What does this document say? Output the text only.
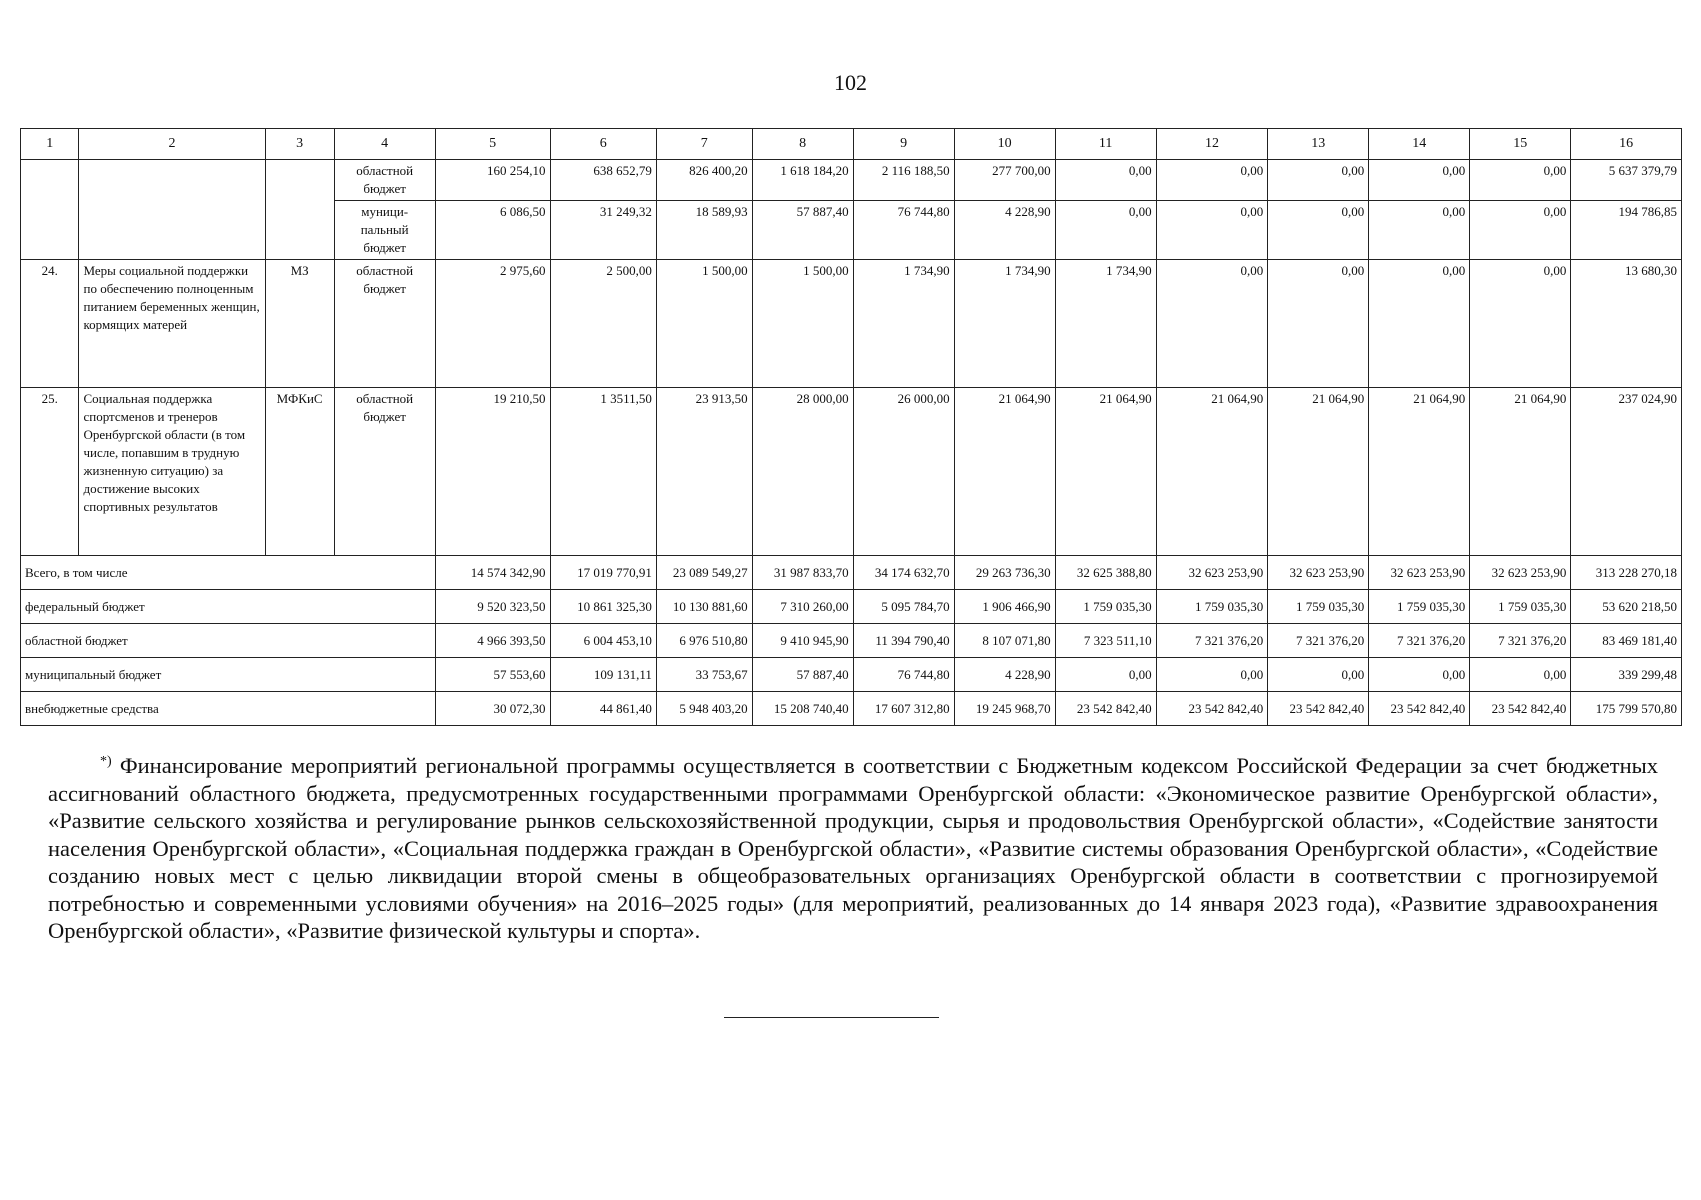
102
1	2	3	4	5	6	7	8	9	10	11	12	13	14	15	16
			областной бюджет	160 254,10	638 652,79	826 400,20	1 618 184,20	2 116 188,50	277 700,00	0,00	0,00	0,00	0,00	0,00	5 637 379,79
			муници-пальный бюджет	6 086,50	31 249,32	18 589,93	57 887,40	76 744,80	4 228,90	0,00	0,00	0,00	0,00	0,00	194 786,85
24.	Меры социальной поддержки по обеспечению полноценным питанием беременных женщин, кормящих матерей	МЗ	областной бюджет	2 975,60	2 500,00	1 500,00	1 500,00	1 734,90	1 734,90	1 734,90	0,00	0,00	0,00	0,00	13 680,30
25.	Социальная поддержка спортсменов и тренеров Оренбургской области (в том числе, попавшим в трудную жизненную ситуацию) за достижение высоких спортивных результатов	МФКиС	областной бюджет	19 210,50	1 3511,50	23 913,50	28 000,00	26 000,00	21 064,90	21 064,90	21 064,90	21 064,90	21 064,90	21 064,90	237 024,90
Всего, в том числе				14 574 342,90	17 019 770,91	23 089 549,27	31 987 833,70	34 174 632,70	29 263 736,30	32 625 388,80	32 623 253,90	32 623 253,90	32 623 253,90	32 623 253,90	313 228 270,18
федеральный бюджет				9 520 323,50	10 861 325,30	10 130 881,60	7 310 260,00	5 095 784,70	1 906 466,90	1 759 035,30	1 759 035,30	1 759 035,30	1 759 035,30	1 759 035,30	53 620 218,50
областной бюджет				4 966 393,50	6 004 453,10	6 976 510,80	9 410 945,90	11 394 790,40	8 107 071,80	7 323 511,10	7 321 376,20	7 321 376,20	7 321 376,20	7 321 376,20	83 469 181,40
муниципальный бюджет				57 553,60	109 131,11	33 753,67	57 887,40	76 744,80	4 228,90	0,00	0,00	0,00	0,00	0,00	339 299,48
внебюджетные средства				30 072,30	44 861,40	5 948 403,20	15 208 740,40	17 607 312,80	19 245 968,70	23 542 842,40	23 542 842,40	23 542 842,40	23 542 842,40	23 542 842,40	175 799 570,80
*) Финансирование мероприятий региональной программы осуществляется в соответствии с Бюджетным кодексом Российской Федерации за счет бюджетных ассигнований областного бюджета, предусмотренных государственными программами Оренбургской области: «Экономическое развитие Оренбургской области», «Развитие сельского хозяйства и регулирование рынков сельскохозяйственной продукции, сырья и продовольствия Оренбургской области», «Содействие занятости населения Оренбургской области», «Социальная поддержка граждан в Оренбургской области», «Развитие системы образования Оренбургской области», «Содействие созданию новых мест с целью ликвидации второй смены в общеобразовательных организациях Оренбургской области в соответствии с прогнозируемой потребностью и современными условиями обучения» на 2016–2025 годы» (для мероприятий, реализованных до 14 января 2023 года), «Развитие здравоохранения Оренбургской области», «Развитие физической культуры и спорта».
